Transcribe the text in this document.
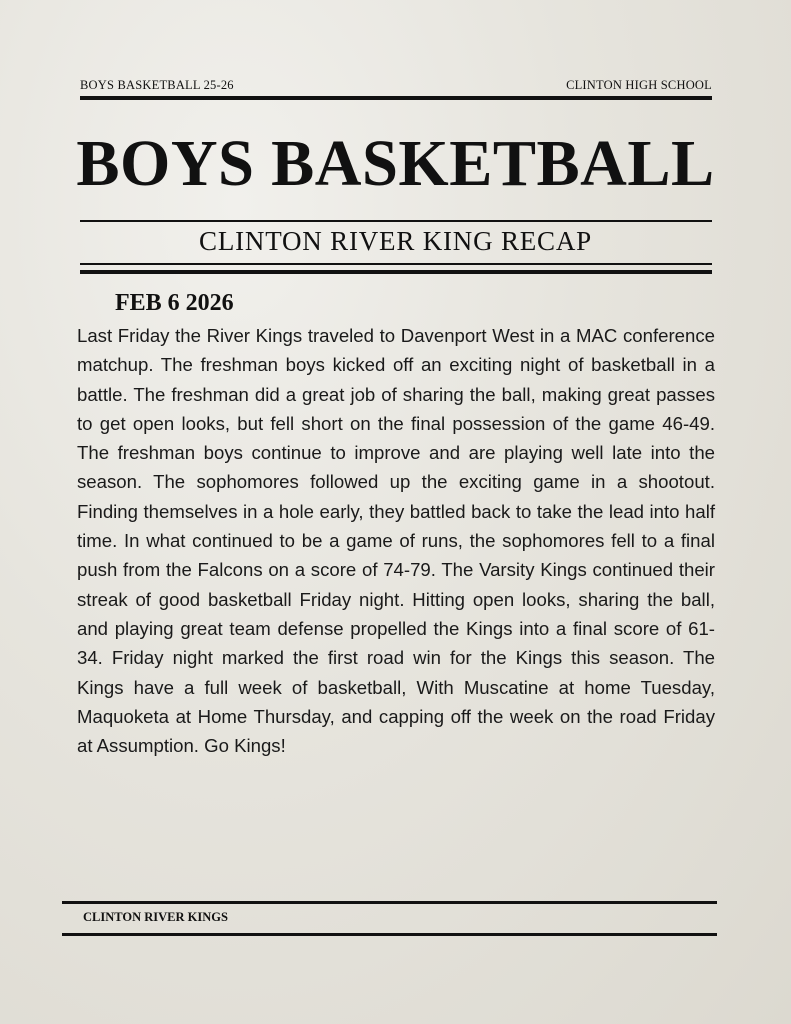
BOYS BASKETBALL 25-26	CLINTON HIGH SCHOOL
BOYS BASKETBALL
CLINTON RIVER KING RECAP
FEB 6 2026

Last Friday the River Kings traveled to Davenport West in a MAC conference matchup. The freshman boys kicked off an exciting night of basketball in a battle. The freshman did a great job of sharing the ball, making great passes to get open looks, but fell short on the final possession of the game 46-49. The freshman boys continue to improve and are playing well late into the season. The sophomores followed up the exciting game in a shootout. Finding themselves in a hole early, they battled back to take the lead into half time. In what continued to be a game of runs, the sophomores fell to a final push from the Falcons on a score of 74-79. The Varsity Kings continued their streak of good basketball Friday night. Hitting open looks, sharing the ball, and playing great team defense propelled the Kings into a final score of 61-34. Friday night marked the first road win for the Kings this season. The Kings have a full week of basketball, With Muscatine at home Tuesday, Maquoketa at Home Thursday, and capping off the week on the road Friday at Assumption. Go Kings!

CLINTON RIVER KINGS
